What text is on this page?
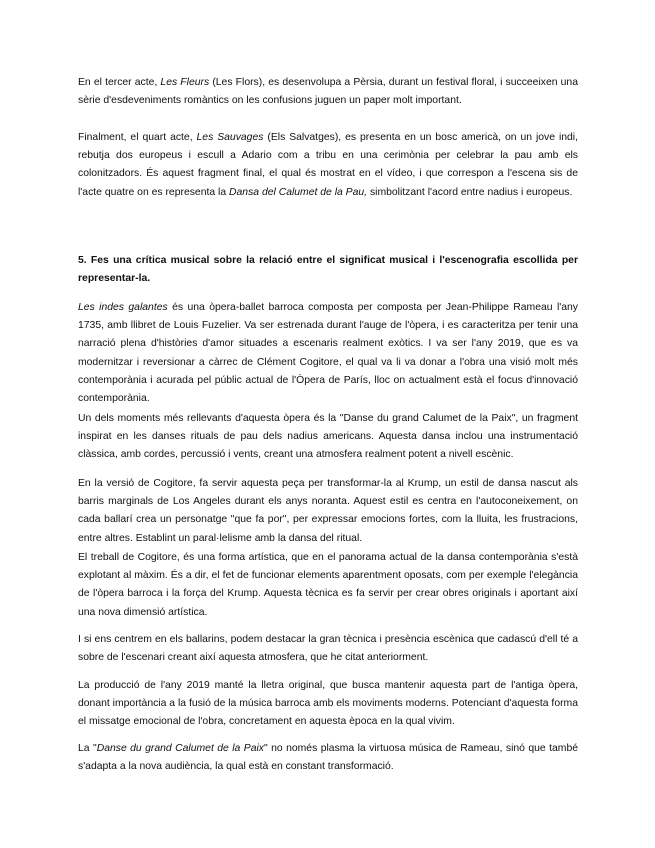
En el tercer acte, Les Fleurs (Les Flors), es desenvolupa a Pèrsia, durant un festival floral, i succeeixen una sèrie d'esdeveniments romàntics on les confusions juguen un paper molt important.

Finalment, el quart acte, Les Sauvages (Els Salvatges), es presenta en un bosc americà, on un jove indi, rebutja dos europeus i escull a Adario com a tribu en una cerimònia per celebrar la pau amb els colonitzadors. És aquest fragment final, el qual és mostrat en el vídeo, i que correspon a l'escena sis de l'acte quatre on es representa la Dansa del Calumet de la Pau, simbolitzant l'acord entre nadius i europeus.

5. Fes una crítica musical sobre la relació entre el significat musical i l'escenografia escollida per representar-la.

Les indes galantes és una òpera-ballet barroca composta per composta per Jean-Philippe Rameau l'any 1735, amb llibret de Louis Fuzelier. Va ser estrenada durant l'auge de l'òpera, i es caracteritza per tenir una narració plena d'històries d'amor situades a escenaris realment exòtics. I va ser l'any 2019, que es va modernitzar i reversionar a càrrec de Clément Cogitore, el qual va li va donar a l'obra una visió molt més contemporània i acurada pel públic actual de l'Òpera de París, lloc on actualment està el focus d'innovació contemporània.

Un dels moments més rellevants d'aquesta òpera és la "Danse du grand Calumet de la Paix", un fragment inspirat en les danses rituals de pau dels nadius americans. Aquesta dansa inclou una instrumentació clàssica, amb cordes, percussió i vents, creant una atmosfera realment potent a nivell escènic.

En la versió de Cogitore, fa servir aquesta peça per transformar-la al Krump, un estil de dansa nascut als barris marginals de Los Angeles durant els anys noranta. Aquest estil es centra en l'autoconeixement, on cada ballarí crea un personatge "que fa por", per expressar emocions fortes, com la lluita, les frustracions, entre altres. Establint un paral·lelisme amb la dansa del ritual.

El treball de Cogitore, és una forma artística, que en el panorama actual de la dansa contemporània s'està explotant al màxim. És a dir, el fet de funcionar elements aparentment oposats, com per exemple l'elegància de l'òpera barroca i la força del Krump. Aquesta tècnica es fa servir per crear obres originals i aportant així una nova dimensió artística.

I si ens centrem en els ballarins, podem destacar la gran tècnica i presència escènica que cadascú d'ell té a sobre de l'escenari creant així aquesta atmosfera, que he citat anteriorment.

La producció de l'any 2019 manté la lletra original, que busca mantenir aquesta part de l'antiga òpera, donant importància a la fusió de la música barroca amb els moviments moderns. Potenciant d'aquesta forma el missatge emocional de l'obra, concretament en aquesta època en la qual vivim.

La "Danse du grand Calumet de la Paix" no només plasma la virtuosa música de Rameau, sinó que també s'adapta a la nova audiència, la qual està en constant transformació.
